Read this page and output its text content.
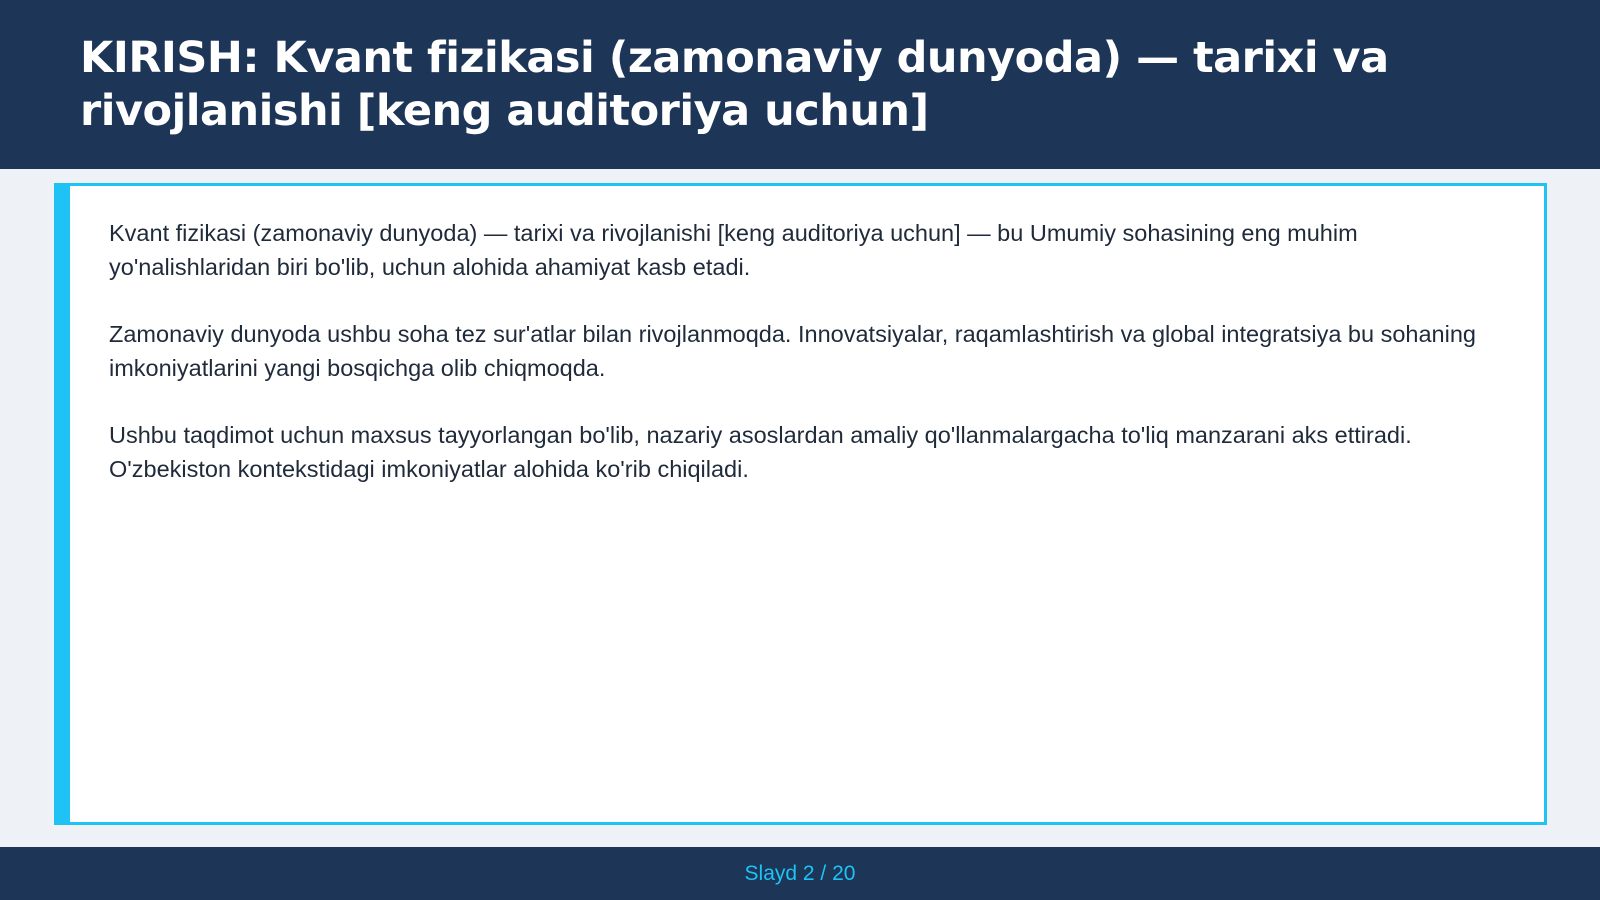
KIRISH: Kvant fizikasi (zamonaviy dunyoda) — tarixi va rivojlanishi [keng auditoriya uchun]

Kvant fizikasi (zamonaviy dunyoda) — tarixi va rivojlanishi [keng auditoriya uchun] — bu Umumiy sohasining eng muhim yo'nalishlaridan biri bo'lib, uchun alohida ahamiyat kasb etadi.

Zamonaviy dunyoda ushbu soha tez sur'atlar bilan rivojlanmoqda. Innovatsiyalar, raqamlashtirish va global integratsiya bu sohaning imkoniyatlarini yangi bosqichga olib chiqmoqda.

Ushbu taqdimot uchun maxsus tayyorlangan bo'lib, nazariy asoslardan amaliy qo'llanmalargacha to'liq manzarani aks ettiradi. O'zbekiston kontekstidagi imkoniyatlar alohida ko'rib chiqiladi.

Slayd 2 / 20
